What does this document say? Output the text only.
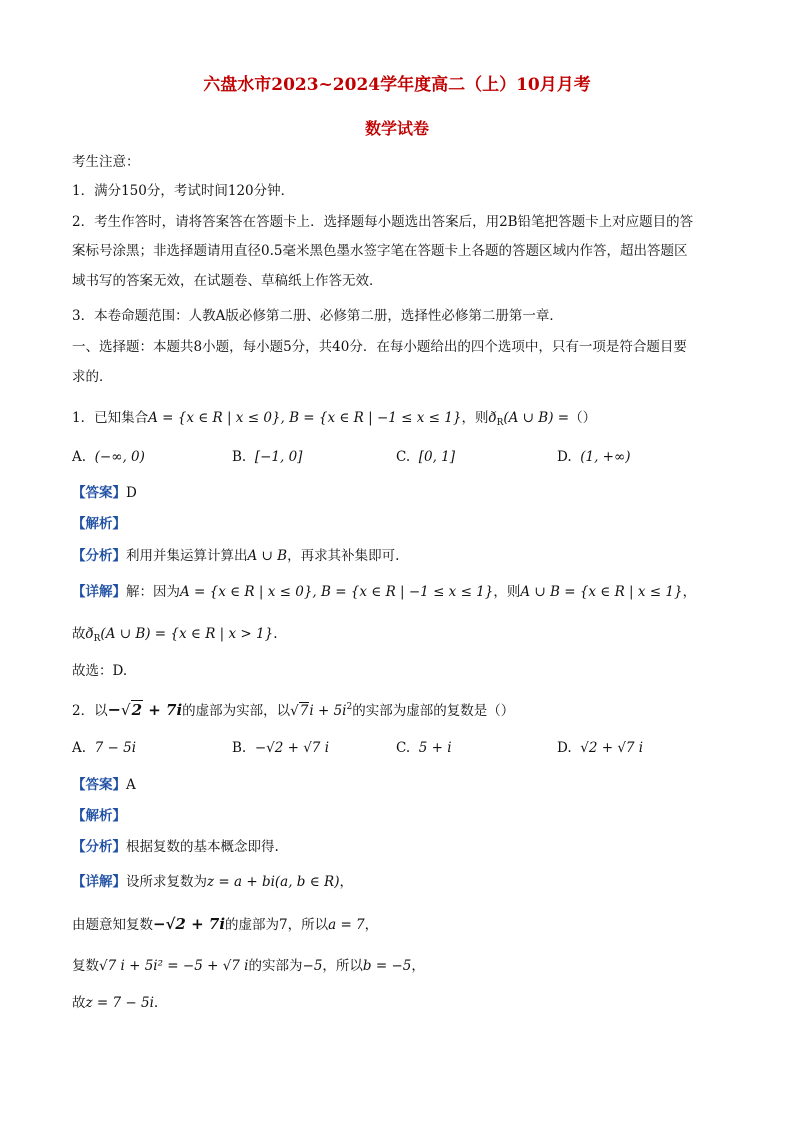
六盘水市2023~2024学年度高二（上）10月月考
数学试卷
考生注意：
1．满分150分，考试时间120分钟．
2．考生作答时，请将答案答在答题卡上．选择题每小题选出答案后，用2B铅笔把答题卡上对应题目的答
案标号涂黑；非选择题请用直径0.5毫米黑色墨水签字笔在答题卡上各题的答题区域内作答，超出答题区
域书写的答案无效，在试题卷、草稿纸上作答无效．
3．本卷命题范围：人教A版必修第二册、必修第二册，选择性必修第二册第一章．
一、选择题：本题共8小题，每小题5分，共40分．在每小题给出的四个选项中，只有一项是符合题目要
求的．
1．已知集合A = {x ∈ R | x ≤ 0}, B = {x ∈ R | −1 ≤ x ≤ 1}，则$ð_R(A$ ∪ B) =（）
A. (−∞, 0)	B. [−1, 0]	C. [0, 1]	D. (1, +∞)
【答案】D
【解析】
【分析】利用并集运算计算出A ∪ B，再求其补集即可.
【详解】解：因为A = {x ∈ R | x ≤ 0}, B = {x ∈ R | −1 ≤ x ≤ 1}，则A ∪ B = {x ∈ R | x ≤ 1}，
故$ð_R(A$ ∪ B) = {x ∈ R | x > 1}.
故选：D.
2．以−√2 + 7i的虚部为实部，以$√7i + 5i^2$的实部为虚部的复数是（）
A. 7 − 5i	B. −√2 + √7 i	C. 5 + i	D. √2 + √7 i
【答案】A
【解析】
【分析】根据复数的基本概念即得.
【详解】设所求复数为z = a + bi(a, b ∈ R)，
由题意知复数−√2 + 7i的虚部为7，所以a = 7，
复数√7 i + 5i² = −5 + √7 i的实部为−5，所以b = −5，
故z = 7 − 5i.
